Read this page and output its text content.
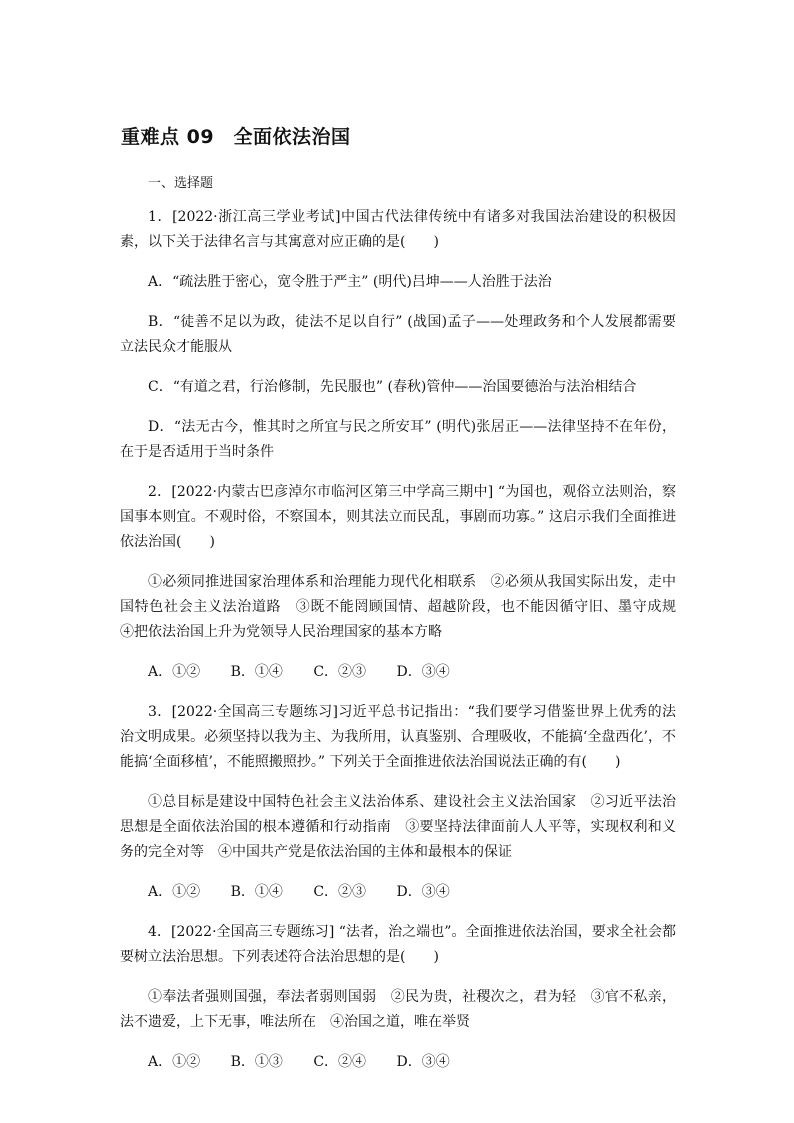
重难点 09　全面依法治国
一、选择题
1．[2022·浙江高三学业考试]中国古代法律传统中有诸多对我国法治建设的积极因素，以下关于法律名言与其寓意对应正确的是(　　)
A．“疏法胜于密心，宽令胜于严主” (明代)吕坤——人治胜于法治
B．“徒善不足以为政，徒法不足以自行” (战国)孟子——处理政务和个人发展都需要立法民众才能服从
C．“有道之君，行治修制，先民服也” (春秋)管仲——治国要德治与法治相结合
D．“法无古今，惟其时之所宜与民之所安耳” (明代)张居正——法律坚持不在年份，在于是否适用于当时条件
2．[2022·内蒙古巴彦淖尔市临河区第三中学高三期中] “为国也，观俗立法则治，察国事本则宜。不观时俗，不察国本，则其法立而民乱，事剧而功寡。” 这启示我们全面推进依法治国(　　)
①必须同推进国家治理体系和治理能力现代化相联系　②必须从我国实际出发，走中国特色社会主义法治道路　③既不能罔顾国情、超越阶段，也不能因循守旧、墨守成规　④把依法治国上升为党领导人民治理国家的基本方略
A．①② B．①④ C．②③ D．③④
3．[2022·全国高三专题练习]习近平总书记指出：“我们要学习借鉴世界上优秀的法治文明成果。必须坚持以我为主、为我所用，认真鉴别、合理吸收，不能搞‘全盘西化’，不能搞‘全面移植’，不能照搬照抄。” 下列关于全面推进依法治国说法正确的有(　　)
①总目标是建设中国特色社会主义法治体系、建设社会主义法治国家　②习近平法治思想是全面依法治国的根本遵循和行动指南　③要坚持法律面前人人平等，实现权利和义务的完全对等　④中国共产党是依法治国的主体和最根本的保证
A．①② B．①④ C．②③ D．③④
4．[2022·全国高三专题练习] “法者，治之端也”。全面推进依法治国，要求全社会都要树立法治思想。下列表述符合法治思想的是(　　)
①奉法者强则国强，奉法者弱则国弱　②民为贵，社稷次之，君为轻　③官不私亲，法不遗爱，上下无事，唯法所在　④治国之道，唯在举贤
A．①② B．①③ C．②④ D．③④
